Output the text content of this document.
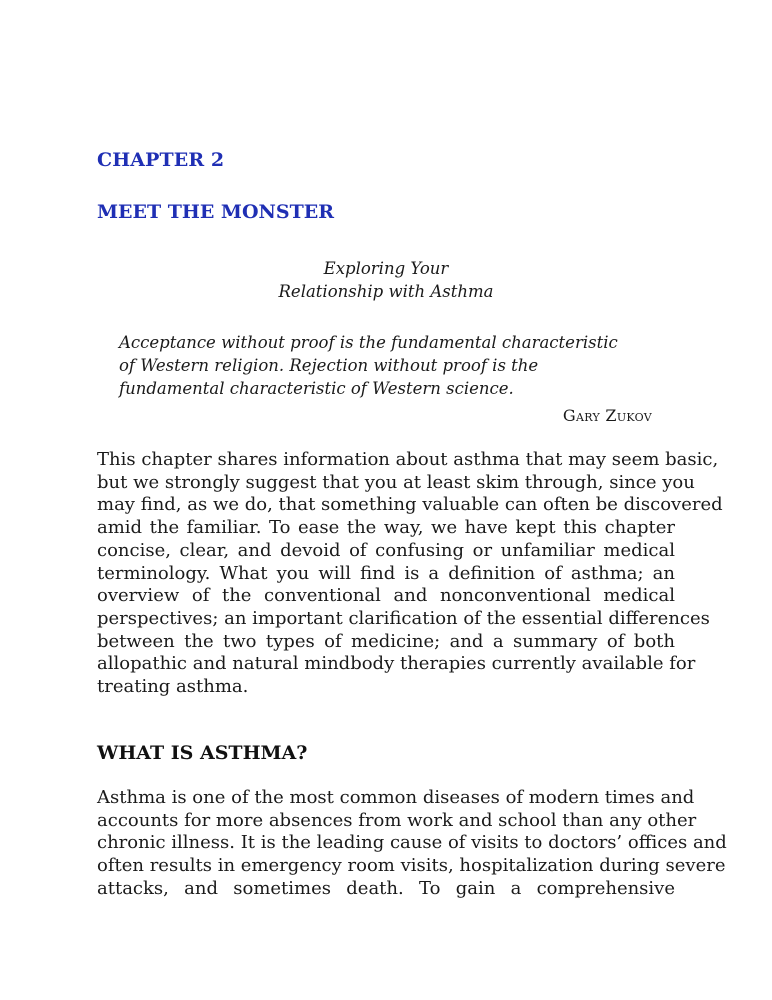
CHAPTER 2
MEET THE MONSTER
Exploring Your
Relationship with Asthma
Acceptance without proof is the fundamental characteristic
of Western religion. Rejection without proof is the
fundamental characteristic of Western science.
Gary Zukov
This chapter shares information about asthma that may seem basic,
but we strongly suggest that you at least skim through, since you
may find, as we do, that something valuable can often be discovered
amid the familiar. To ease the way, we have kept this chapter
concise, clear, and devoid of confusing or unfamiliar medical
terminology. What you will find is a definition of asthma; an
overview of the conventional and nonconventional medical
perspectives; an important clarification of the essential differences
between the two types of medicine; and a summary of both
allopathic and natural mindbody therapies currently available for
treating asthma.
WHAT IS ASTHMA?
Asthma is one of the most common diseases of modern times and
accounts for more absences from work and school than any other
chronic illness. It is the leading cause of visits to doctors’ offices and
often results in emergency room visits, hospitalization during severe
attacks, and sometimes death. To gain a comprehensive
